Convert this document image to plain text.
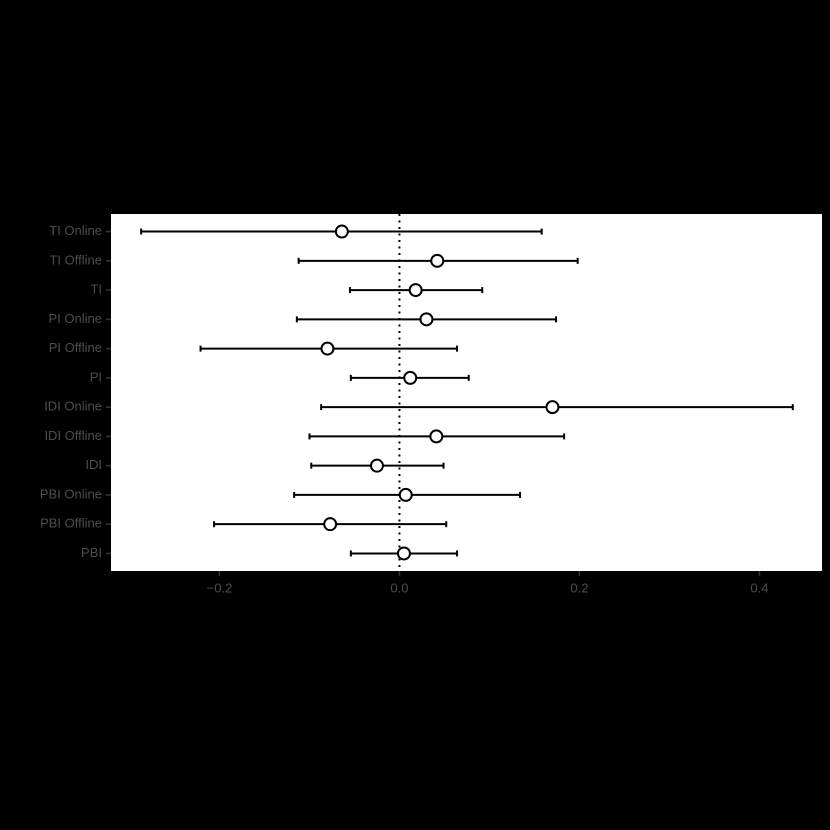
−0.2	0.0	0.2	0.4
TI Online
TI Offline
TI
PI Online
PI Offline
PI
IDI Online
IDI Offline
IDI
PBI Online
PBI Offline
PBI
